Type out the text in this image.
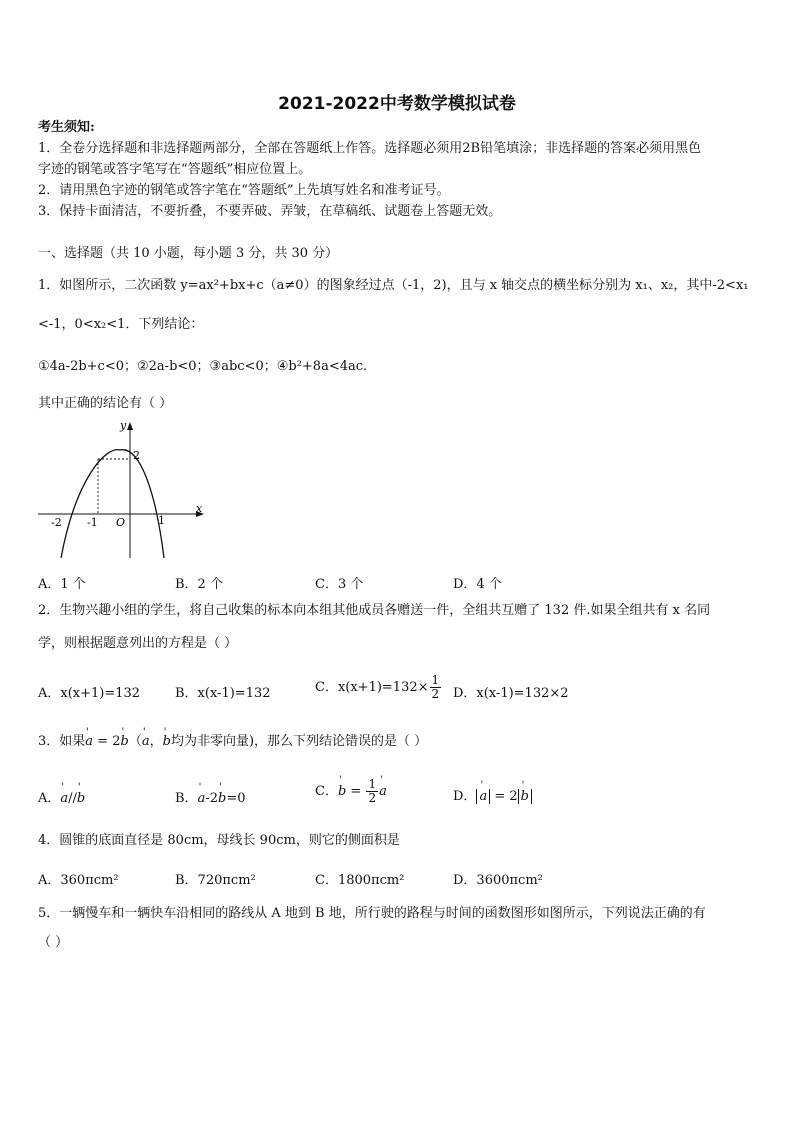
2021-2022中考数学模拟试卷
考生须知:
1．全卷分选择题和非选择题两部分，全部在答题纸上作答。选择题必须用2B铅笔填涂；非选择题的答案必须用黑色
字迹的钢笔或答字笔写在“答题纸”相应位置上。
2．请用黑色字迹的钢笔或答字笔在“答题纸”上先填写姓名和准考证号。
3．保持卡面清洁，不要折叠，不要弄破、弄皱，在草稿纸、试题卷上答题无效。
一、选择题（共 10 小题，每小题 3 分，共 30 分）
1．如图所示，二次函数 y=ax²+bx+c（a≠0）的图象经过点（-1，2)，且与 x 轴交点的横坐标分别为 x₁、x₂，其中-2<x₁
<-1，0<x₂<1．下列结论：
①4a-2b+c<0；②2a-b<0；③abc<0；④b²+8a<4ac．
其中正确的结论有（ ）
y
x
2
-2 -1 O	1
A．1 个	B．2 个	C．3 个	D．4 个
2．生物兴趣小组的学生，将自己收集的标本向本组其他成员各赠送一件，全组共互赠了 132 件.如果全组共有 x 名同
学，则根据题意列出的方程是（ ）
A．x(x+1)=132	B．x(x-1)=132	C．$x(x+1)=132\times \frac{1}{2}$ D．x(x-1)=132×2
3．如果' a = 2' b（' a，' b均为非零向量)，那么下列结论错误的是（ ）
A．' a//' b	B．' a-2' b=0	C．' $b = \frac{1}{2}$ ' a	D． ' a = 2 ' b
4．圆锥的底面直径是 80cm，母线长 90cm，则它的侧面积是
A．360πcm²	B．720πcm²	C．1800πcm²	D．3600πcm²
5．一辆慢车和一辆快车沿相同的路线从 A 地到 B 地，所行驶的路程与时间的函数图形如图所示，下列说法正确的有
（ ）
